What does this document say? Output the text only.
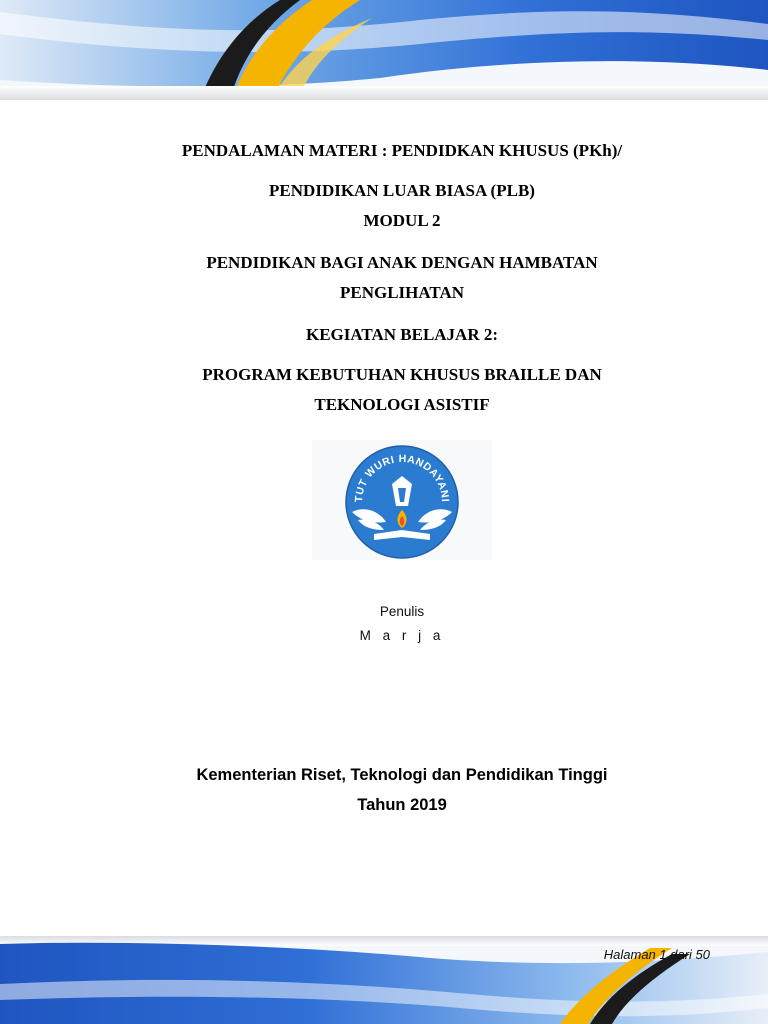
PENDALAMAN MATERI : PENDIDKAN KHUSUS (PKh)/

PENDIDIKAN LUAR BIASA (PLB)

MODUL 2

PENDIDIKAN BAGI ANAK DENGAN HAMBATAN

PENGLIHATAN

KEGIATAN BELAJAR 2:

PROGRAM KEBUTUHAN KHUSUS BRAILLE DAN

TEKNOLOGI ASISTIF

TUT WURI HANDAYANI
Penulis
M a r j a
Kementerian Riset, Teknologi dan Pendidikan Tinggi
Tahun 2019
Halaman 1 dari 50
